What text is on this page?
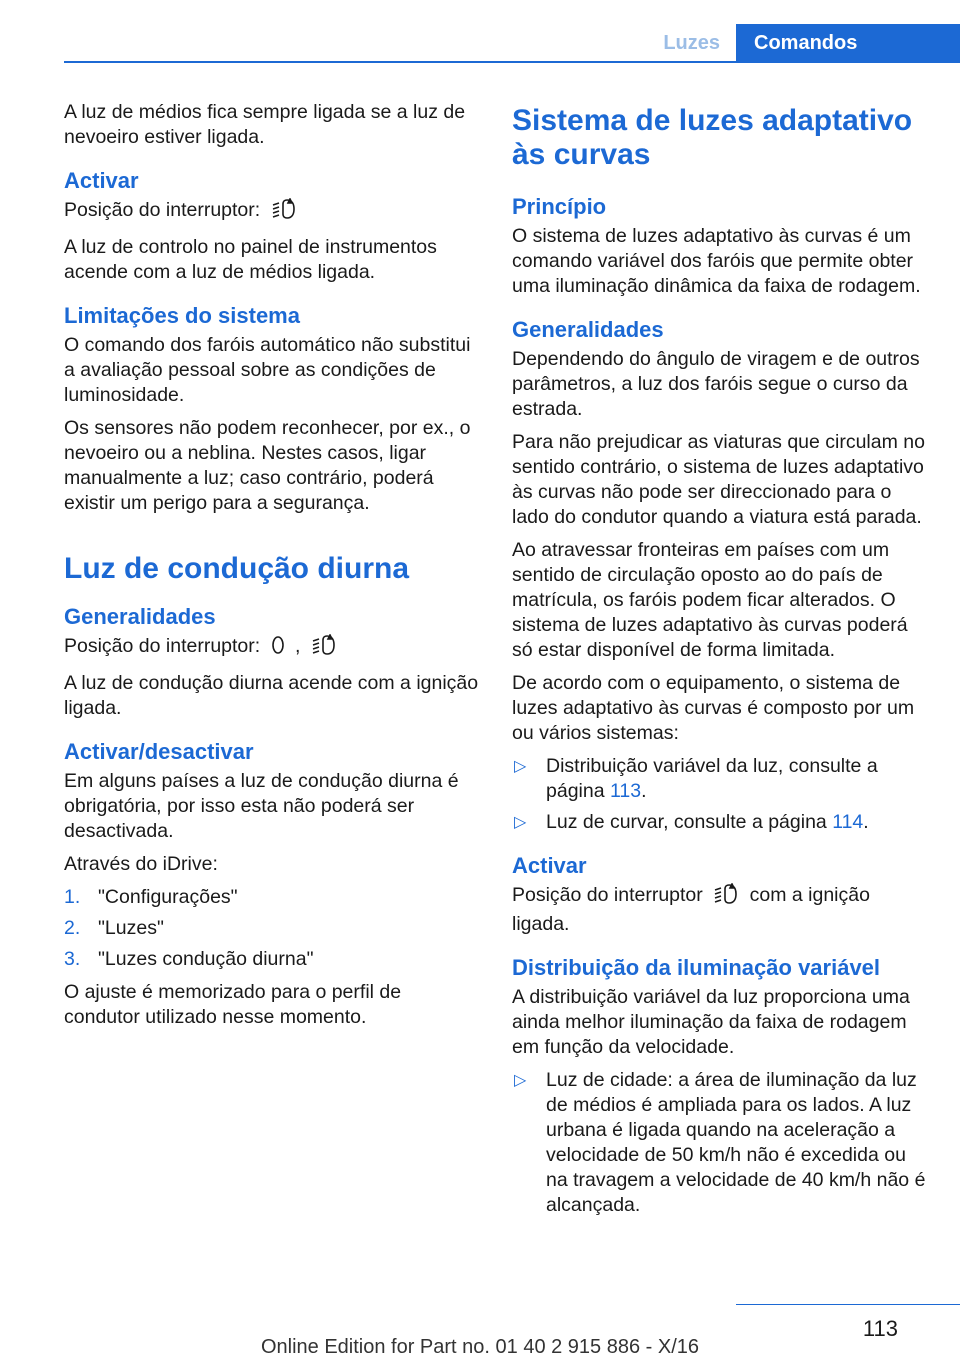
Luzes	Comandos

A luz de médios fica sempre ligada se a luz de nevoeiro estiver ligada.

Activar

Posição do interruptor:

A luz de controlo no painel de instrumentos acende com a luz de médios ligada.

Limitações do sistema

O comando dos faróis automático não substitui a avaliação pessoal sobre as condições de luminosidade.

Os sensores não podem reconhecer, por ex., o nevoeiro ou a neblina. Nestes casos, ligar manualmente a luz; caso contrário, poderá existir um perigo para a segurança.

Luz de condução diurna
Generalidades

Posição do interruptor: ,

A luz de condução diurna acende com a ignição ligada.

Activar/desactivar

Em alguns países a luz de condução diurna é obrigatória, por isso esta não poderá ser desactivada.

Através do iDrive:

1. "Configurações"
2. "Luzes"
3. "Luzes condução diurna"

O ajuste é memorizado para o perfil de condutor utilizado nesse momento.

Sistema de luzes adaptativo às curvas
Princípio

O sistema de luzes adaptativo às curvas é um comando variável dos faróis que permite obter uma iluminação dinâmica da faixa de rodagem.

Generalidades

Dependendo do ângulo de viragem e de outros parâmetros, a luz dos faróis segue o curso da estrada.

Para não prejudicar as viaturas que circulam no sentido contrário, o sistema de luzes adaptativo às curvas não pode ser direccionado para o lado do condutor quando a viatura está parada.

Ao atravessar fronteiras em países com um sentido de circulação oposto ao do país de matrícula, os faróis podem ficar alterados. O sistema de luzes adaptativo às curvas poderá só estar disponível de forma limitada.

De acordo com o equipamento, o sistema de luzes adaptativo às curvas é composto por um ou vários sistemas:

▷ Distribuição variável da luz, consulte a página 113.
▷ Luz de curvar, consulte a página 114.
Activar

Posição do interruptor com a ignição ligada.

Distribuição da iluminação variável

A distribuição variável da luz proporciona uma ainda melhor iluminação da faixa de rodagem em função da velocidade.

▷ Luz de cidade: a área de iluminação da luz de médios é ampliada para os lados. A luz urbana é ligada quando na aceleração a velocidade de 50 km/h não é excedida ou na travagem a velocidade de 40 km/h não é alcançada.
113
Online Edition for Part no. 01 40 2 915 886 - X/16
